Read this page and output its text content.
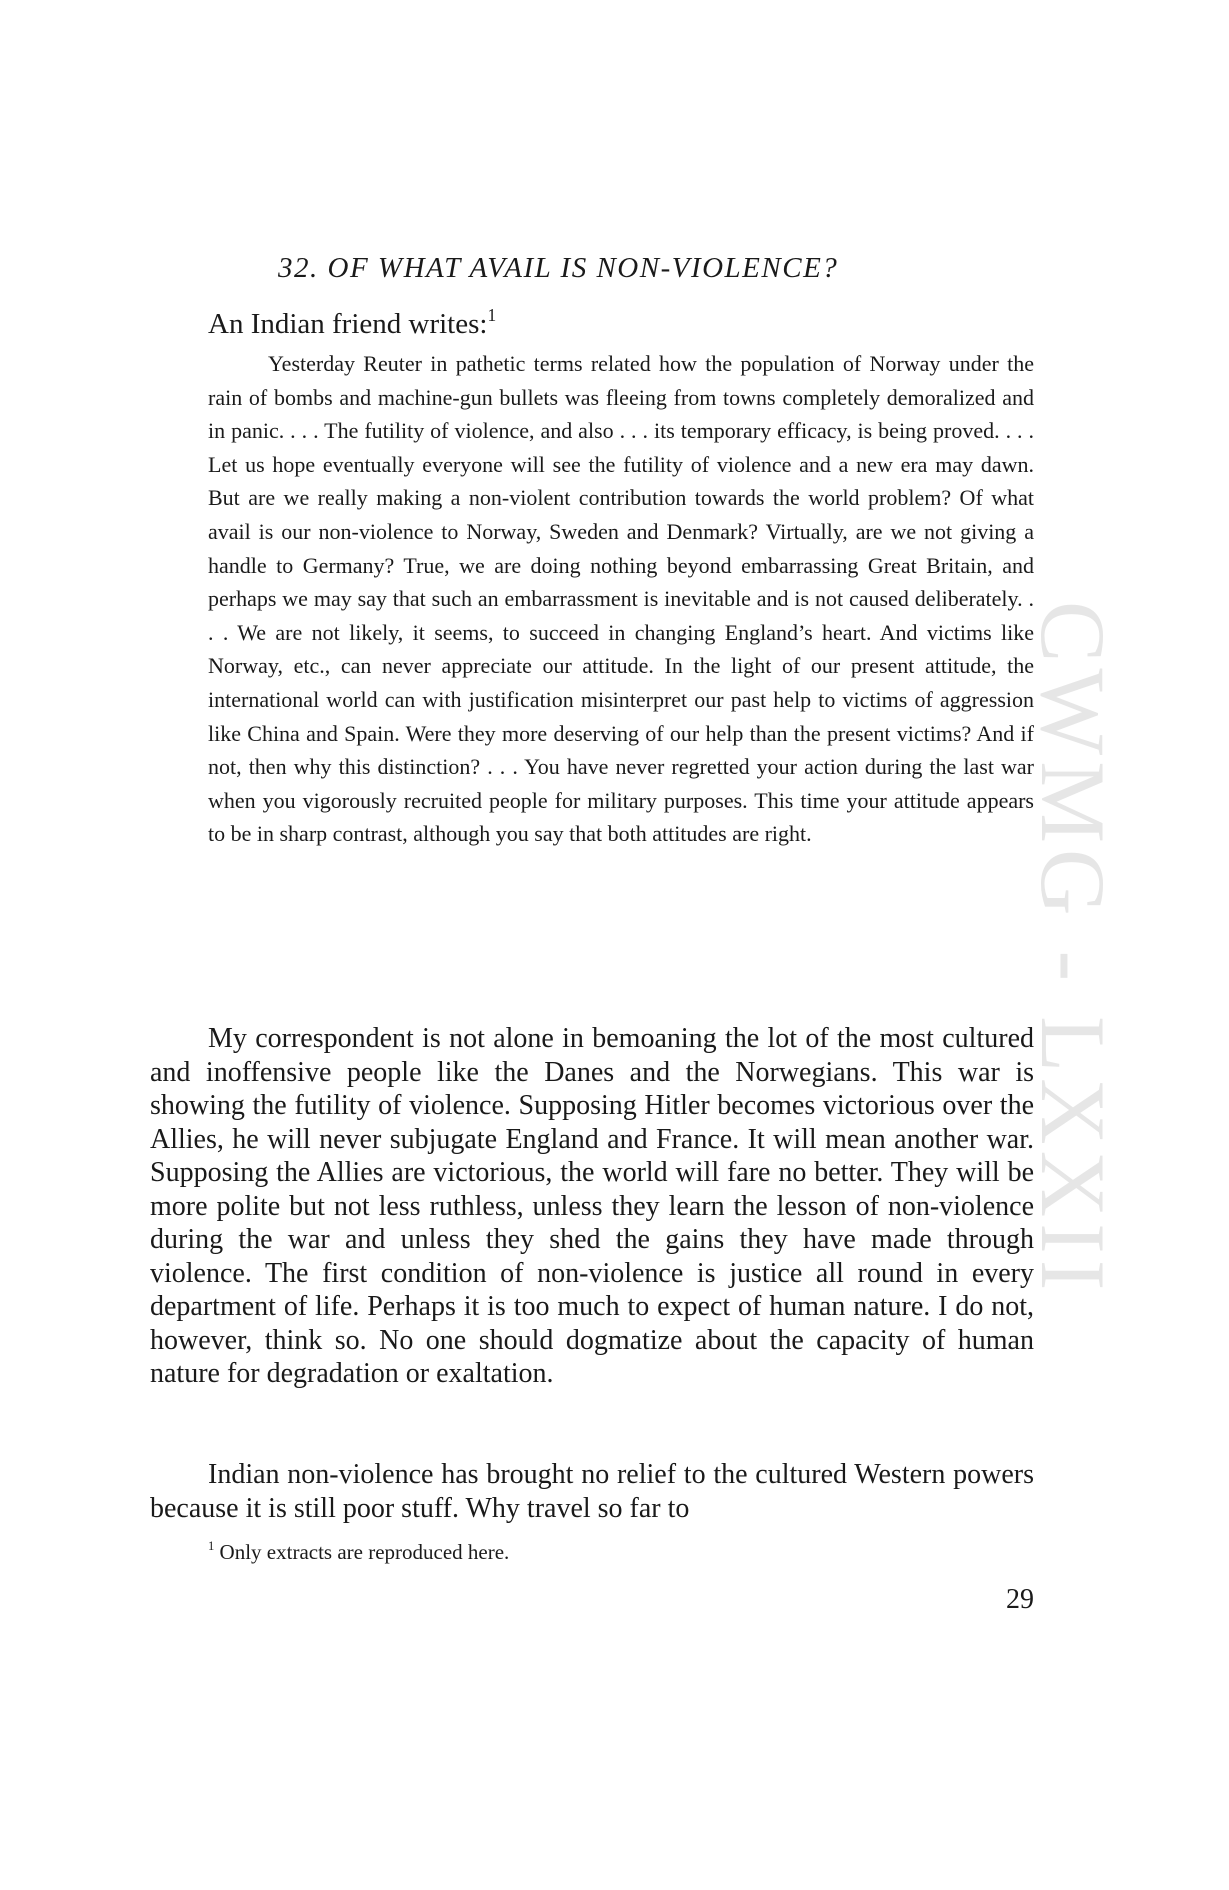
CWMG - LXXII
32. OF WHAT AVAIL IS NON-VIOLENCE?

An Indian friend writes:$^1$

Yesterday Reuter in pathetic terms related how the population of Norway under the rain of bombs and machine-gun bullets was fleeing from towns completely demoralized and in panic. . . . The futility of violence, and also . . . its temporary efficacy, is being proved. . . . Let us hope eventually everyone will see the futility of violence and a new era may dawn. But are we really making a non-violent contribution towards the world problem? Of what avail is our non-violence to Norway, Sweden and Denmark? Virtually, are we not giving a handle to Germany? True, we are doing nothing beyond embarrassing Great Britain, and perhaps we may say that such an embarrassment is inevitable and is not caused deliberately. . . . We are not likely, it seems, to succeed in changing England’s heart. And victims like Norway, etc., can never appreciate our attitude. In the light of our present attitude, the international world can with justification misinterpret our past help to victims of aggression like China and Spain. Were they more deserving of our help than the present victims? And if not, then why this distinction? . . . You have never regretted your action during the last war when you vigorously recruited people for military purposes. This time your attitude appears to be in sharp contrast, although you say that both attitudes are right.

My correspondent is not alone in bemoaning the lot of the most cultured and inoffensive people like the Danes and the Norwegians. This war is showing the futility of violence. Supposing Hitler becomes victorious over the Allies, he will never subjugate England and France. It will mean another war. Supposing the Allies are victorious, the world will fare no better. They will be more polite but not less ruthless, unless they learn the lesson of non-violence during the war and unless they shed the gains they have made through violence. The first condition of non-violence is justice all round in every department of life. Perhaps it is too much to expect of human nature. I do not, however, think so. No one should dogmatize about the capacity of human nature for degradation or exaltation.

Indian non-violence has brought no relief to the cultured Western powers because it is still poor stuff. Why travel so far to

$^1$ Only extracts are reproduced here.

29
